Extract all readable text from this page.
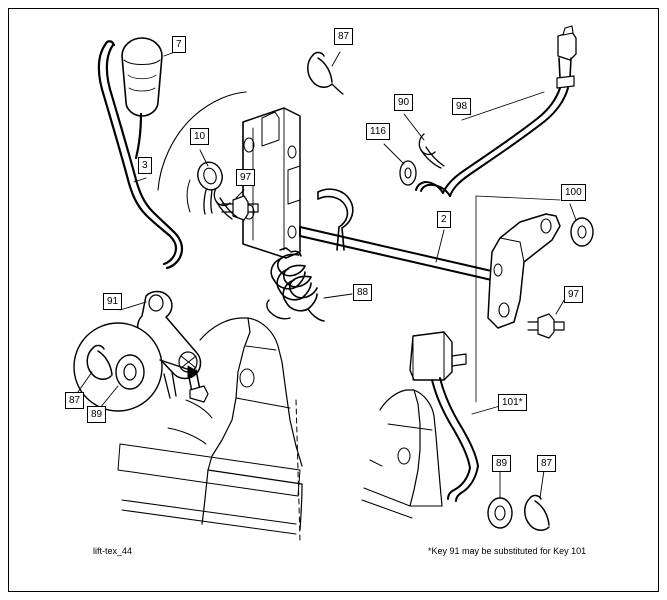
7
87
90	98
10	116
3
97
100
2
97
91
88
87
89
101*
89	87
lift-tex_44	*Key 91 may be substituted for Key 101
